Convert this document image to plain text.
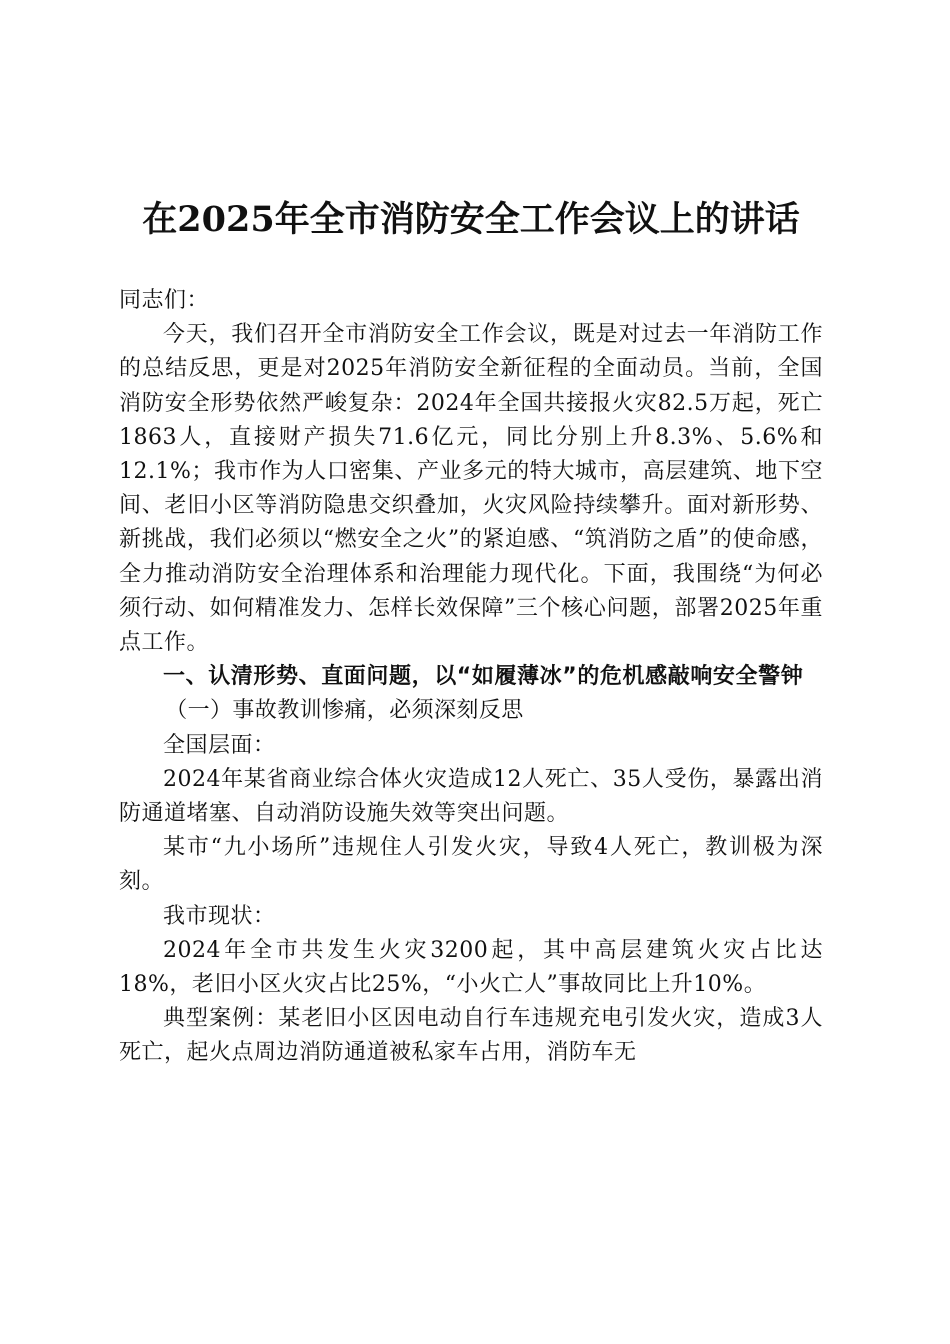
在2025年全市消防安全工作会议上的讲话

同志们：

今天，我们召开全市消防安全工作会议，既是对过去一年消防工作的总结反思，更是对2025年消防安全新征程的全面动员。当前，全国消防安全形势依然严峻复杂：2024年全国共接报火灾82.5万起，死亡1863人，直接财产损失71.6亿元，同比分别上升8.3%、5.6%和12.1%；我市作为人口密集、产业多元的特大城市，高层建筑、地下空间、老旧小区等消防隐患交织叠加，火灾风险持续攀升。面对新形势、新挑战，我们必须以“燃安全之火”的紧迫感、“筑消防之盾”的使命感，全力推动消防安全治理体系和治理能力现代化。下面，我围绕“为何必须行动、如何精准发力、怎样长效保障”三个核心问题，部署2025年重点工作。

一、认清形势、直面问题，以“如履薄冰”的危机感敲响安全警钟

（一）事故教训惨痛，必须深刻反思

全国层面：

2024年某省商业综合体火灾造成12人死亡、35人受伤，暴露出消防通道堵塞、自动消防设施失效等突出问题。

某市“九小场所”违规住人引发火灾，导致4人死亡，教训极为深刻。

我市现状：

2024年全市共发生火灾3200起，其中高层建筑火灾占比达18%，老旧小区火灾占比25%，“小火亡人”事故同比上升10%。

典型案例：某老旧小区因电动自行车违规充电引发火灾，造成3人死亡，起火点周边消防通道被私家车占用，消防车无
